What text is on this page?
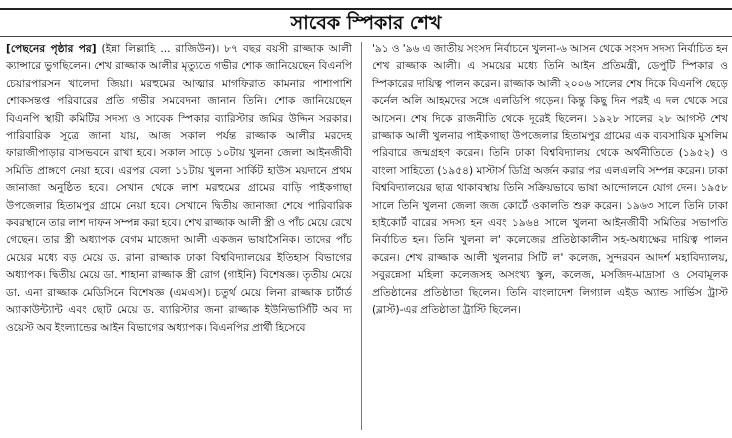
সাবেক স্পিকার শেখ
[পেছনের পৃষ্ঠার পর] (ইন্না লিল্লাহি ... রাজিউন)। ৮৭ বছর বয়সী রাজ্জাক আলী ক্যান্সারে ভুগছিলেন। শেখ রাজ্জাক আলীর মৃত্যুতে গভীর শোক জানিয়েছেন বিএনপি চেয়ারপারসন খালেদা জিয়া। মরহুমের আত্মার মাগফিরাত কামনার পাশাপাশি শোকসন্তপ্ত পরিবারের প্রতি গভীর সমবেদনা জানান তিনি। শোক জানিয়েছেন বিএনপি স্থায়ী কমিটির সদস্য ও সাবেক স্পিকার ব্যারিস্টার জমির উদ্দিন সরকার। পারিবারিক সূত্রে জানা যায়, আজ সকাল পর্যন্ত রাজ্জাক আলীর মরদেহ ফারাজীপাড়ার বাসভবনে রাখা হবে। সকাল সাড়ে ১০টায় খুলনা জেলা আইনজীবী সমিতি প্রাঙ্গণে নেয়া হবে। এরপর বেলা ১১টায় খুলনা সার্কিট হাউস ময়দানে প্রথম জানাজা অনুষ্ঠিত হবে। সেখান থেকে লাশ মরহুমের গ্রামের বাড়ি পাইকগাছা উপজেলার হিতামপুর গ্রামে নেয়া হবে। সেখানে দ্বিতীয় জানাজা শেষে পারিবারিক কবরস্থানে তার লাশ দাফন সম্পন্ন করা হবে। শেখ রাজ্জাক আলী স্ত্রী ও পাঁচ মেয়ে রেখে গেছেন। তার স্ত্রী অধ্যাপক বেগম মাজেদা আলী একজন ভাষাসৈনিক। তাদের পাঁচ মেয়ের মধ্যে বড় মেয়ে ড. রানা রাজ্জাক ঢাকা বিশ্ববিদ্যালয়ের ইতিহাস বিভাগের অধ্যাপক। দ্বিতীয় মেয়ে ডা. শাহানা রাজ্জাক স্ত্রী রোগ (গাইনি) বিশেষজ্ঞ। তৃতীয় মেয়ে ডা. এনা রাজ্জাক মেডিসিনে বিশেষজ্ঞ (এমএস)। চতুর্থ মেয়ে লিনা রাজ্জাক চার্টার্ড অ্যাকাউন্ট্যান্ট এবং ছোট মেয়ে ড. ব্যারিস্টার জনা রাজ্জাক ইউনিভার্সিটি অব দ্য ওয়েস্ট অব ইংল্যান্ডের আইন বিভাগের অধ্যাপক। বিএনপির প্রার্থী হিসেবে
'৯১ ও '৯৬ এ জাতীয় সংসদ নির্বাচনে খুলনা-৬ আসন থেকে সংসদ সদস্য নির্বাচিত হন শেখ রাজ্জাক আলী। এ সময়ের মধ্যে তিনি আইন প্রতিমন্ত্রী, ডেপুটি স্পিকার ও স্পিকারের দায়িত্ব পালন করেন। রাজ্জাক আলী ২০০৬ সালের শেষ দিকে বিএনপি ছেড়ে কর্নেল অলি আহমদের সঙ্গে এলডিপি গড়েন। কিন্তু কিছু দিন পরই এ দল থেকে সরে আসেন। শেষ দিকে রাজনীতি থেকে দূরেই ছিলেন। ১৯২৮ সালের ২৮ আগস্ট শেখ রাজ্জাক আলী খুলনার পাইকগাছা উপজেলার হিতামপুর গ্রামের এক ব্যবসায়িক মুসলিম পরিবারে জন্মগ্রহণ করেন। তিনি ঢাকা বিশ্ববিদ্যালয় থেকে অর্থনীতিতে (১৯৫২) ও বাংলা সাহিত্যে (১৯৫৪) মাস্টার্স ডিগ্রি অর্জন করার পর এলএলবি সম্পন্ন করেন। ঢাকা বিশ্ববিদ্যালয়ের ছাত্র থাকাবস্থায় তিনি সক্রিয়ভাবে ভাষা আন্দোলনে যোগ দেন। ১৯৫৮ সালে তিনি খুলনা জেলা জজ কোর্টে ওকালতি শুরু করেন। ১৯৬৩ সালে তিনি ঢাকা হাইকোর্ট বারের সদস্য হন এবং ১৯৬৪ সালে খুলনা আইনজীবী সমিতির সভাপতি নির্বাচিত হন। তিনি খুলনা ল' কলেজের প্রতিষ্ঠাকালীন সহ-অধ্যক্ষের দায়িত্ব পালন করেন। শেখ রাজ্জাক আলী খুলনার সিটি ল' কলেজ, সুন্দরবন আদর্শ মহাবিদ্যালয়, সবুরন্নেসা মহিলা কলেজসহ অসংখ্য স্কুল, কলেজ, মসজিদ-মাদ্রাসা ও সেবামূলক প্রতিষ্ঠানের প্রতিষ্ঠাতা ছিলেন। তিনি বাংলাদেশ লিগ্যাল এইড অ্যান্ড সার্ভিস ট্রাস্ট (ব্লাস্ট)-এর প্রতিষ্ঠাতা ট্রাস্টি ছিলেন।
